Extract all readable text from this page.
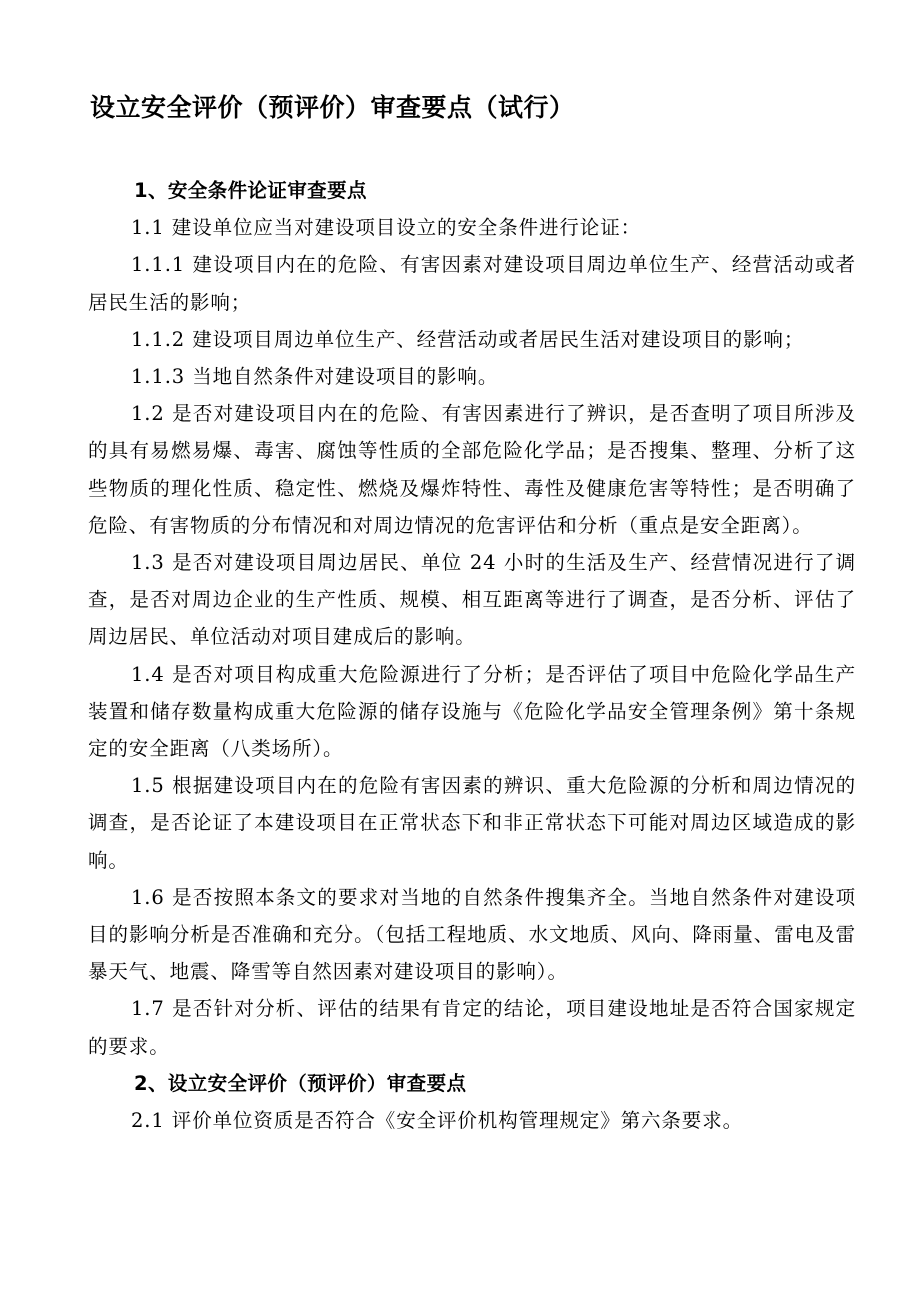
设立安全评价（预评价）审查要点（试行）

1、安全条件论证审查要点

1.1 建设单位应当对建设项目设立的安全条件进行论证：

1.1.1 建设项目内在的危险、有害因素对建设项目周边单位生产、经营活动或者居民生活的影响；

1.1.2 建设项目周边单位生产、经营活动或者居民生活对建设项目的影响；

1.1.3 当地自然条件对建设项目的影响。

1.2 是否对建设项目内在的危险、有害因素进行了辨识，是否查明了项目所涉及的具有易燃易爆、毒害、腐蚀等性质的全部危险化学品；是否搜集、整理、分析了这些物质的理化性质、稳定性、燃烧及爆炸特性、毒性及健康危害等特性；是否明确了危险、有害物质的分布情况和对周边情况的危害评估和分析（重点是安全距离）。

1.3 是否对建设项目周边居民、单位 24 小时的生活及生产、经营情况进行了调查，是否对周边企业的生产性质、规模、相互距离等进行了调查，是否分析、评估了周边居民、单位活动对项目建成后的影响。

1.4 是否对项目构成重大危险源进行了分析；是否评估了项目中危险化学品生产装置和储存数量构成重大危险源的储存设施与《危险化学品安全管理条例》第十条规定的安全距离（八类场所）。

1.5 根据建设项目内在的危险有害因素的辨识、重大危险源的分析和周边情况的调查，是否论证了本建设项目在正常状态下和非正常状态下可能对周边区域造成的影响。

1.6 是否按照本条文的要求对当地的自然条件搜集齐全。当地自然条件对建设项目的影响分析是否准确和充分。（包括工程地质、水文地质、风向、降雨量、雷电及雷暴天气、地震、降雪等自然因素对建设项目的影响）。

1.7 是否针对分析、评估的结果有肯定的结论，项目建设地址是否符合国家规定的要求。

2、设立安全评价（预评价）审查要点

2.1 评价单位资质是否符合《安全评价机构管理规定》第六条要求。
